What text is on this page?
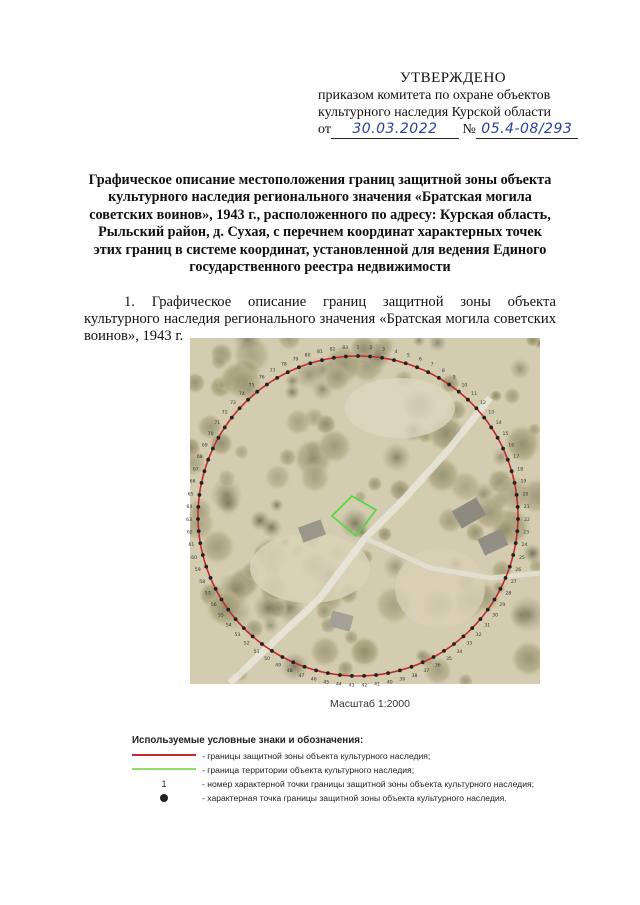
УТВЕРЖДЕНО
приказом комитета по охране объектов
культурного наследия Курской области
от 30.03.2022 № 05.4-08/293
Графическое описание местоположения границ защитной зоны объекта культурного наследия регионального значения «Братская могила советских воинов», 1943 г., расположенного по адресу: Курская область, Рыльский район, д. Сухая, с перечнем координат характерных точек этих границ в системе координат, установленной для ведения Единого государственного реестра недвижимости
1. Графическое описание границ защитной зоны объекта
культурного наследия регионального значения «Братская могила советских воинов», 1943 г.
1 2 3 4
5
6
7
8
9
10
11
12
13
14
15
16
17
18
19
20
21
22
23
24
25
26
27
28
29
30
31
32
33
34
35
36
37
38
39
40
41
42
43
44
45
46
47
48
49
50
51
52
53
54
55
56
57
58
59
60
61
62
63
64
65
66
67
68
69
70
71
72
73
74
75
76
77
78
79
80
81 82 83
Масштаб 1:2000
Используемые условные знаки и обозначения:
- границы защитной зоны объекта культурного наследия;
- граница территории объекта культурного наследия;
1	- номер характерной точки границы защитной зоны объекта культурного наследия;
- характерная точка границы защитной зоны объекта культурного наследия.
